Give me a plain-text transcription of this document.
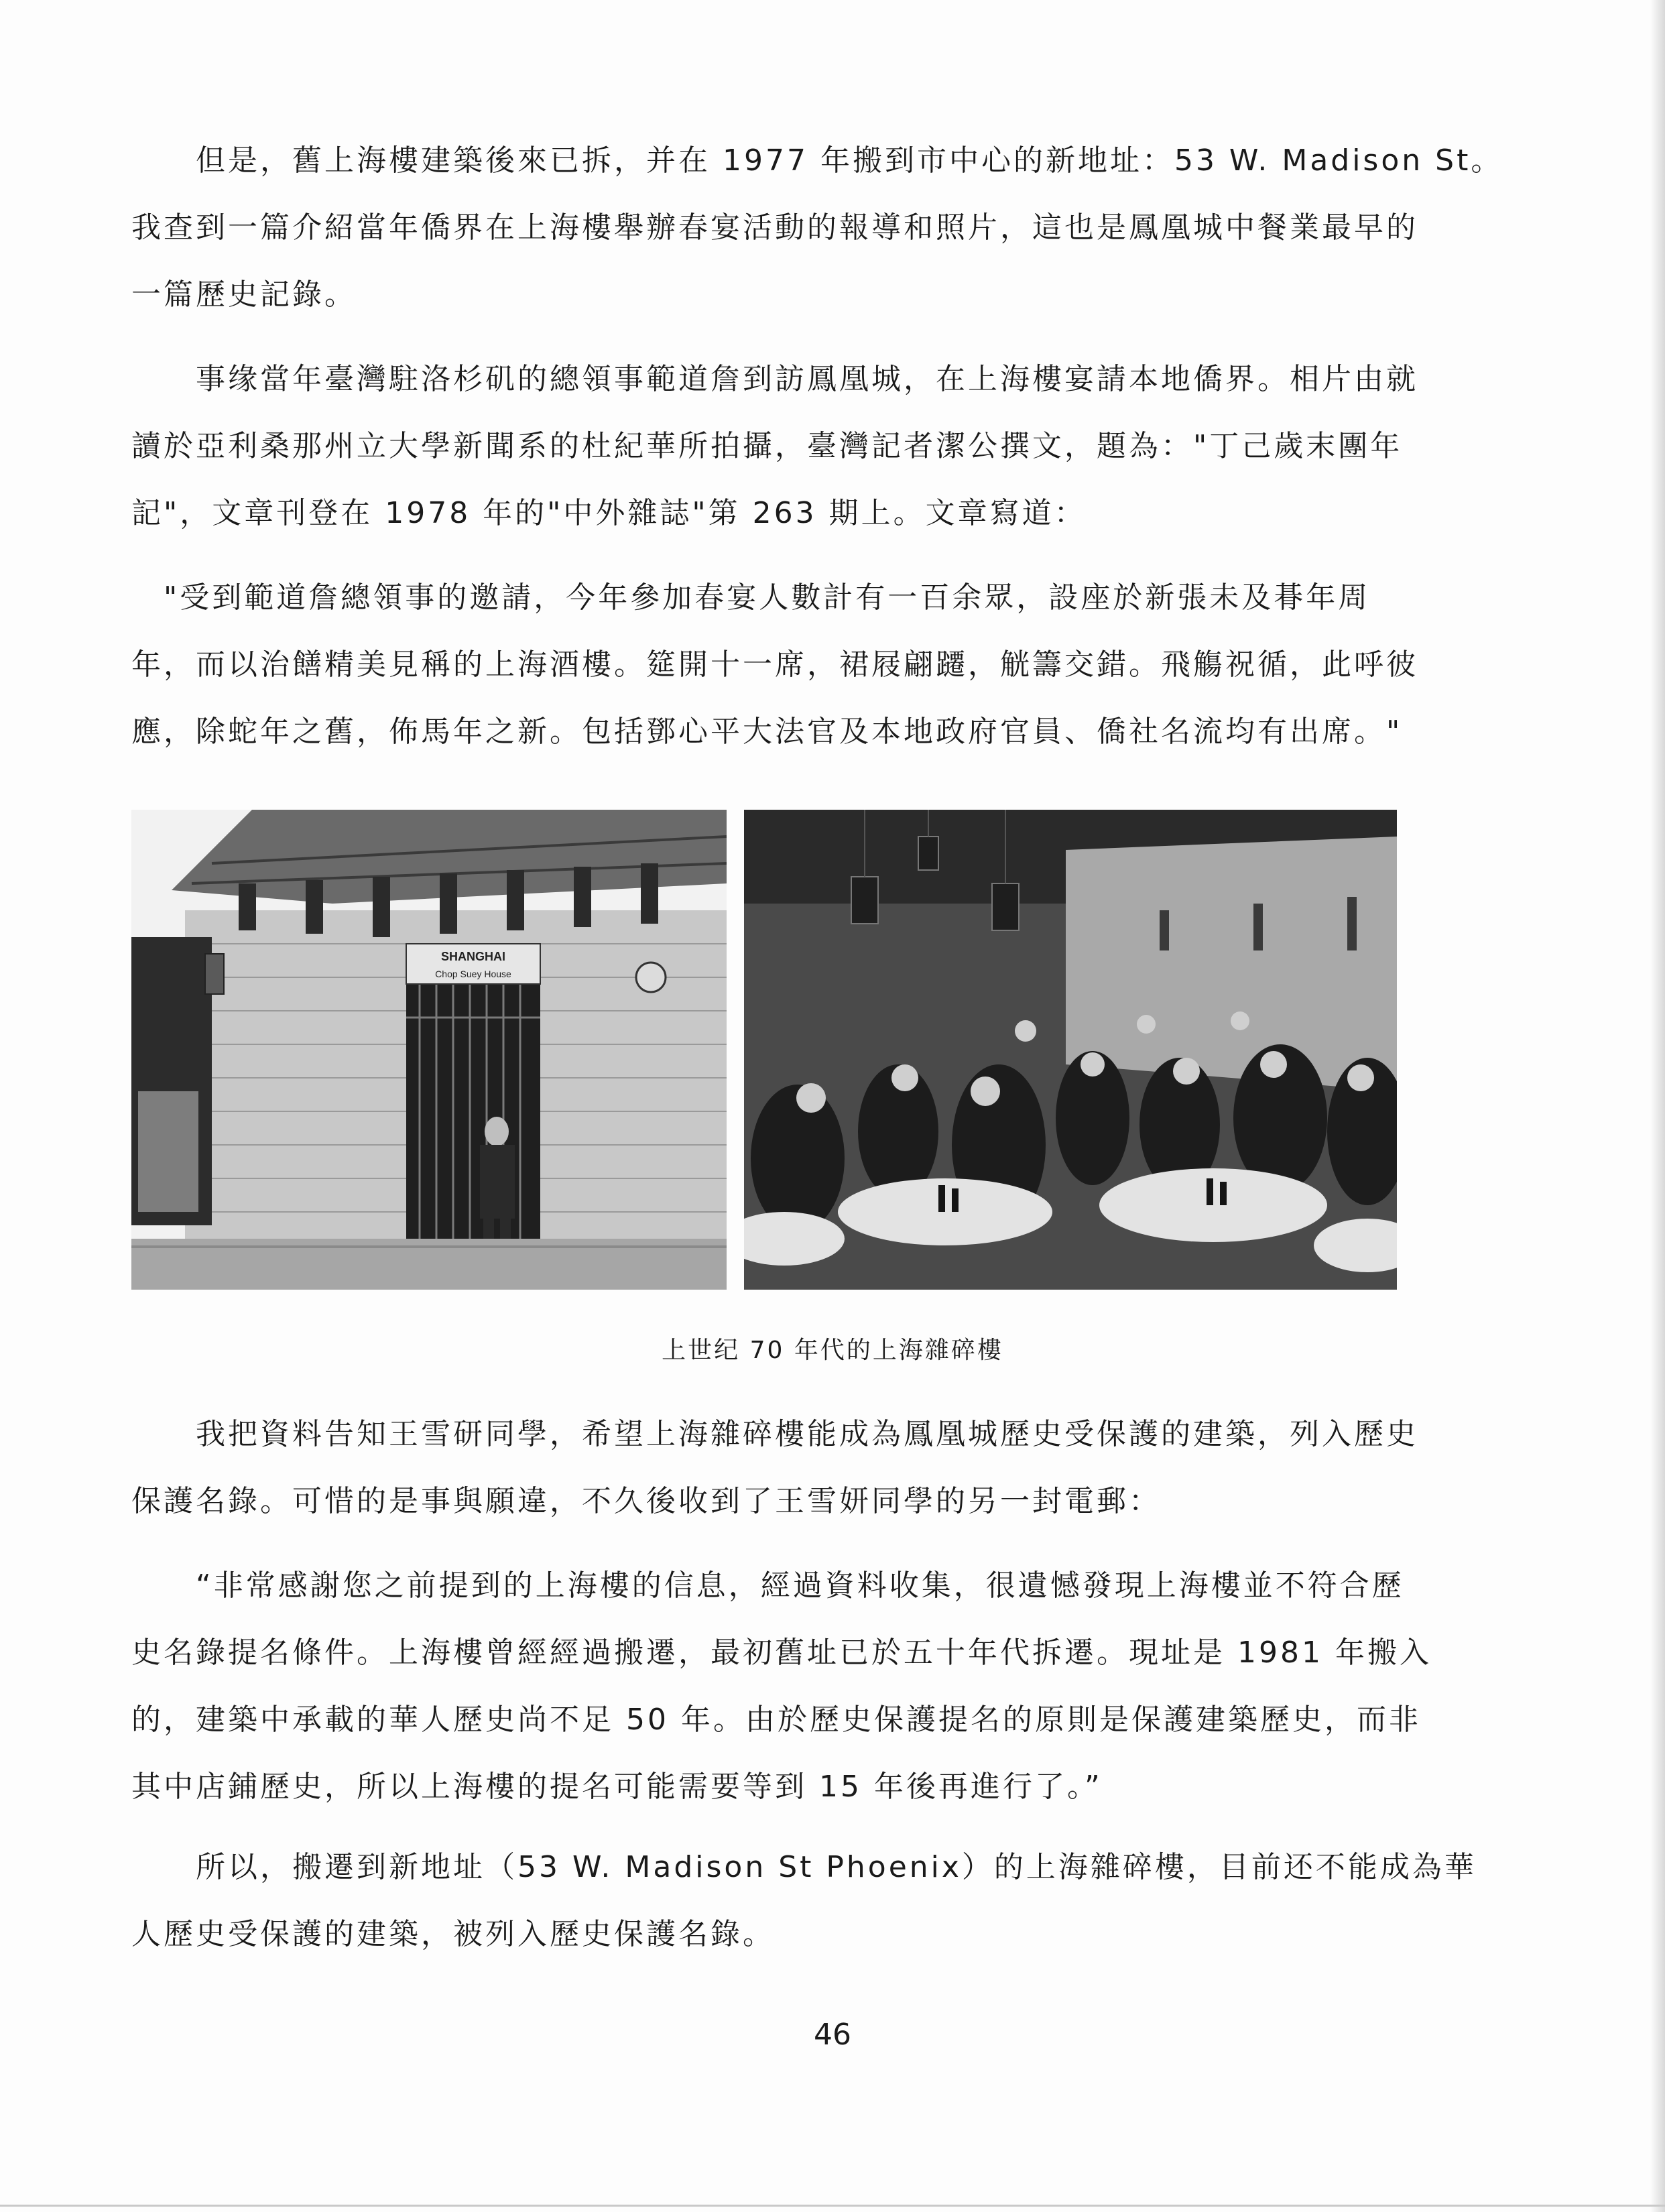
　　但是，舊上海樓建築後來已拆，并在 1977 年搬到市中心的新地址：53 W. Madison St。
我查到一篇介紹當年僑界在上海樓舉辦春宴活動的報導和照片，這也是鳳凰城中餐業最早的
一篇歷史記錄。

　　事缘當年臺灣駐洛杉矶的總領事範道詹到訪鳳凰城，在上海樓宴請本地僑界。相片由就
讀於亞利桑那州立大學新聞系的杜紀華所拍攝，臺灣記者潔公撰文，題為："丁己歲末團年
記"，文章刊登在 1978 年的"中外雜誌"第 263 期上。文章寫道：

　"受到範道詹總領事的邀請，今年參加春宴人數計有一百余眾，設座於新張未及朞年周
年，而以治饍精美見稱的上海酒樓。筵開十一席，裙屐翩躚，觥籌交錯。飛觴祝循，此呼彼
應，除蛇年之舊，佈馬年之新。包括鄧心平大法官及本地政府官員、僑社名流均有出席。"

SHANGHAI
Chop Suey House
上世纪 70 年代的上海雜碎樓

　　我把資料告知王雪研同學，希望上海雜碎樓能成為鳳凰城歷史受保護的建築，列入歷史
保護名錄。可惜的是事與願違，不久後收到了王雪妍同學的另一封電郵：

　　“非常感謝您之前提到的上海樓的信息，經過資料收集，很遺憾發現上海樓並不符合歷
史名錄提名條件。上海樓曾經經過搬遷，最初舊址已於五十年代拆遷。現址是 1981 年搬入
的，建築中承載的華人歷史尚不足 50 年。由於歷史保護提名的原則是保護建築歷史，而非
其中店鋪歷史，所以上海樓的提名可能需要等到 15 年後再進行了。”

　　所以，搬遷到新地址（53 W. Madison St Phoenix）的上海雜碎樓，目前还不能成為華
人歷史受保護的建築，被列入歷史保護名錄。

46
